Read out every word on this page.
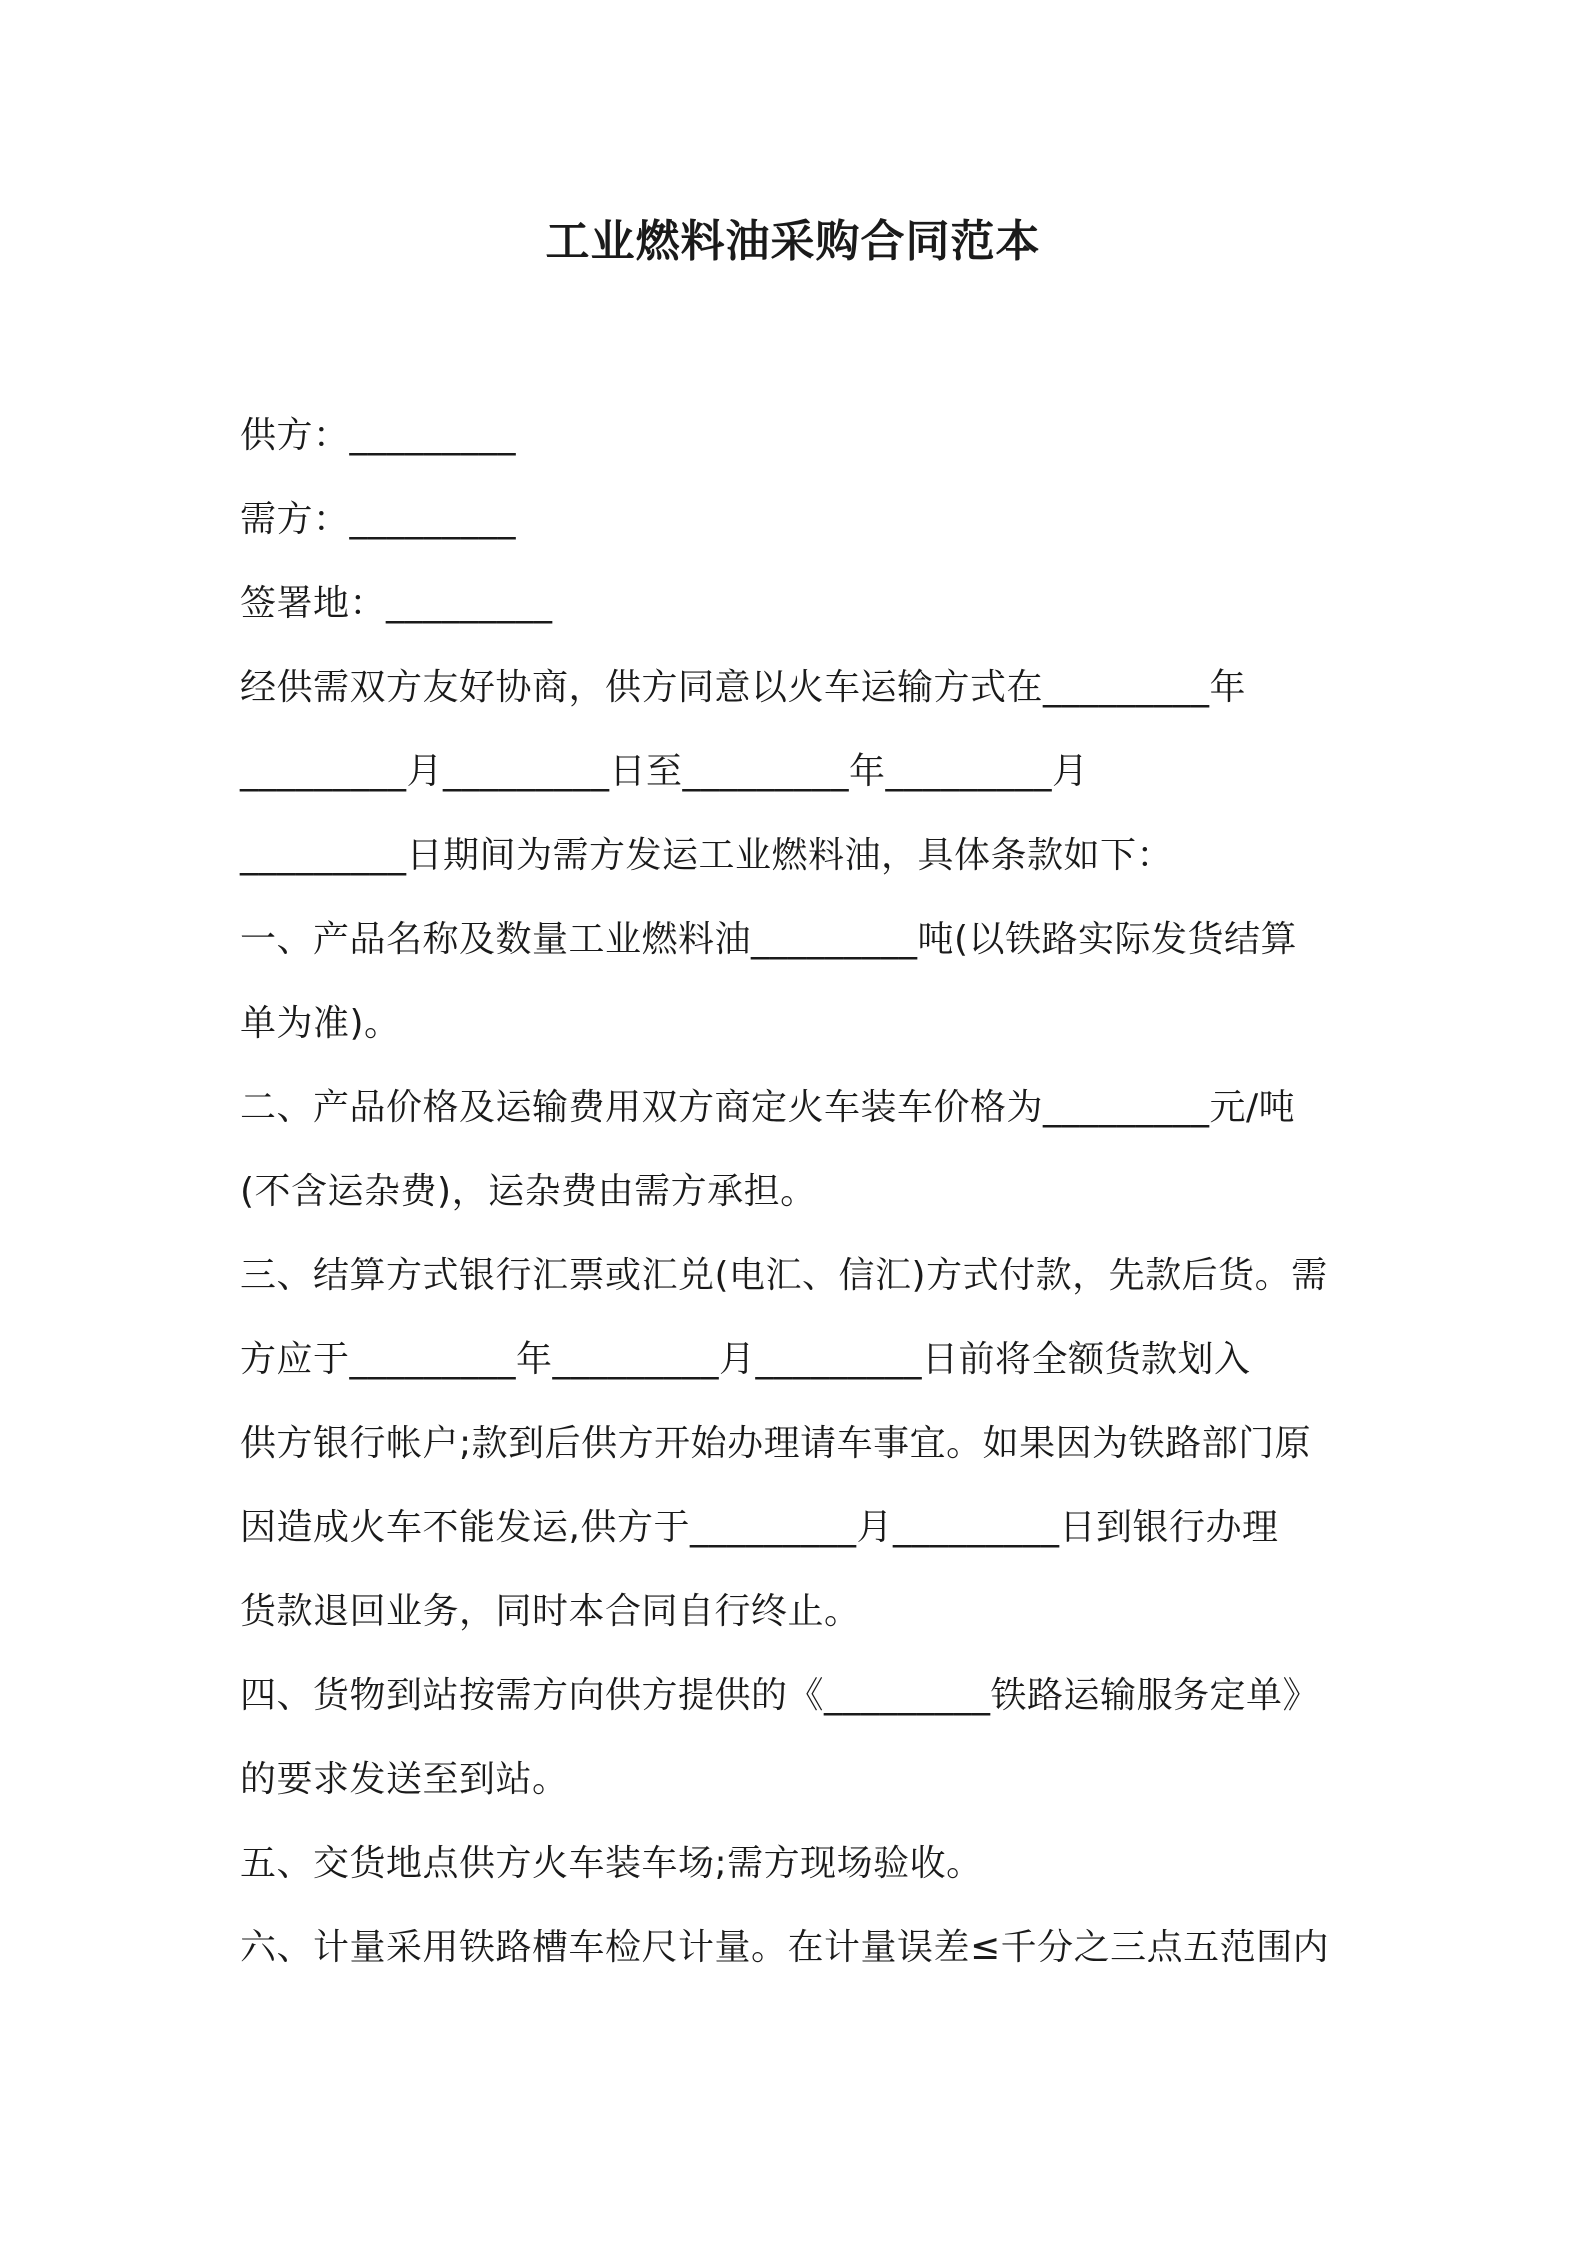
工业燃料油采购合同范本
供方：_________
需方：_________
签署地：_________
经供需双方友好协商，供方同意以火车运输方式在_________年
_________月_________日至_________年_________月
_________日期间为需方发运工业燃料油，具体条款如下：
一、产品名称及数量工业燃料油_________吨(以铁路实际发货结算
单为准)。
二、产品价格及运输费用双方商定火车装车价格为_________元/吨
(不含运杂费)，运杂费由需方承担。
三、结算方式银行汇票或汇兑(电汇、信汇)方式付款，先款后货。需
方应于_________年_________月_________日前将全额货款划入
供方银行帐户;款到后供方开始办理请车事宜。如果因为铁路部门原
因造成火车不能发运,供方于_________月_________日到银行办理
货款退回业务，同时本合同自行终止。
四、货物到站按需方向供方提供的《_________铁路运输服务定单》
的要求发送至到站。
五、交货地点供方火车装车场;需方现场验收。
六、计量采用铁路槽车检尺计量。在计量误差≤千分之三点五范围内
